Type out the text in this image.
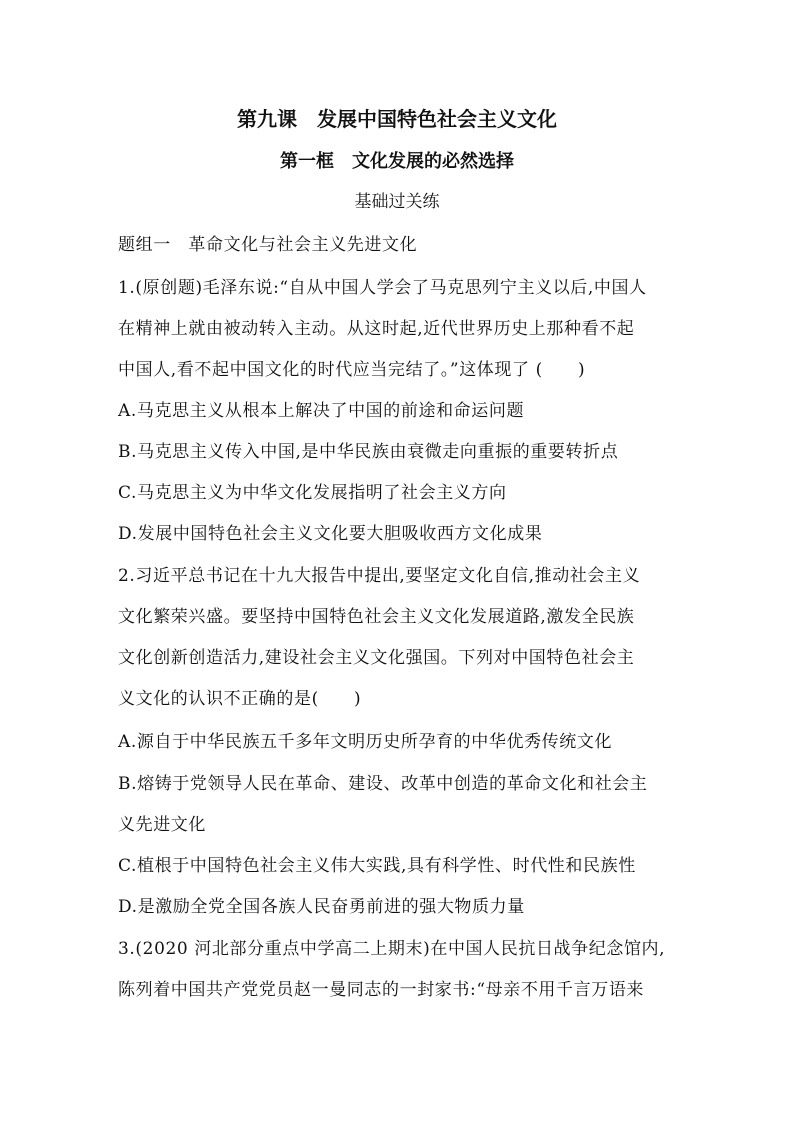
第九课　发展中国特色社会主义文化
第一框　文化发展的必然选择
基础过关练
题组一　革命文化与社会主义先进文化
1.(原创题)毛泽东说:“自从中国人学会了马克思列宁主义以后,中国人
在精神上就由被动转入主动。从这时起,近代世界历史上那种看不起
中国人,看不起中国文化的时代应当完结了。”这体现了 (　　)
A.马克思主义从根本上解决了中国的前途和命运问题
B.马克思主义传入中国,是中华民族由衰微走向重振的重要转折点
C.马克思主义为中华文化发展指明了社会主义方向
D.发展中国特色社会主义文化要大胆吸收西方文化成果
2.习近平总书记在十九大报告中提出,要坚定文化自信,推动社会主义
文化繁荣兴盛。要坚持中国特色社会主义文化发展道路,激发全民族
文化创新创造活力,建设社会主义文化强国。下列对中国特色社会主
义文化的认识不正确的是(　　)
A.源自于中华民族五千多年文明历史所孕育的中华优秀传统文化
B.熔铸于党领导人民在革命、建设、改革中创造的革命文化和社会主
义先进文化
C.植根于中国特色社会主义伟大实践,具有科学性、时代性和民族性
D.是激励全党全国各族人民奋勇前进的强大物质力量
3.(2020 河北部分重点中学高二上期末)在中国人民抗日战争纪念馆内,
陈列着中国共产党党员赵一曼同志的一封家书:“母亲不用千言万语来
